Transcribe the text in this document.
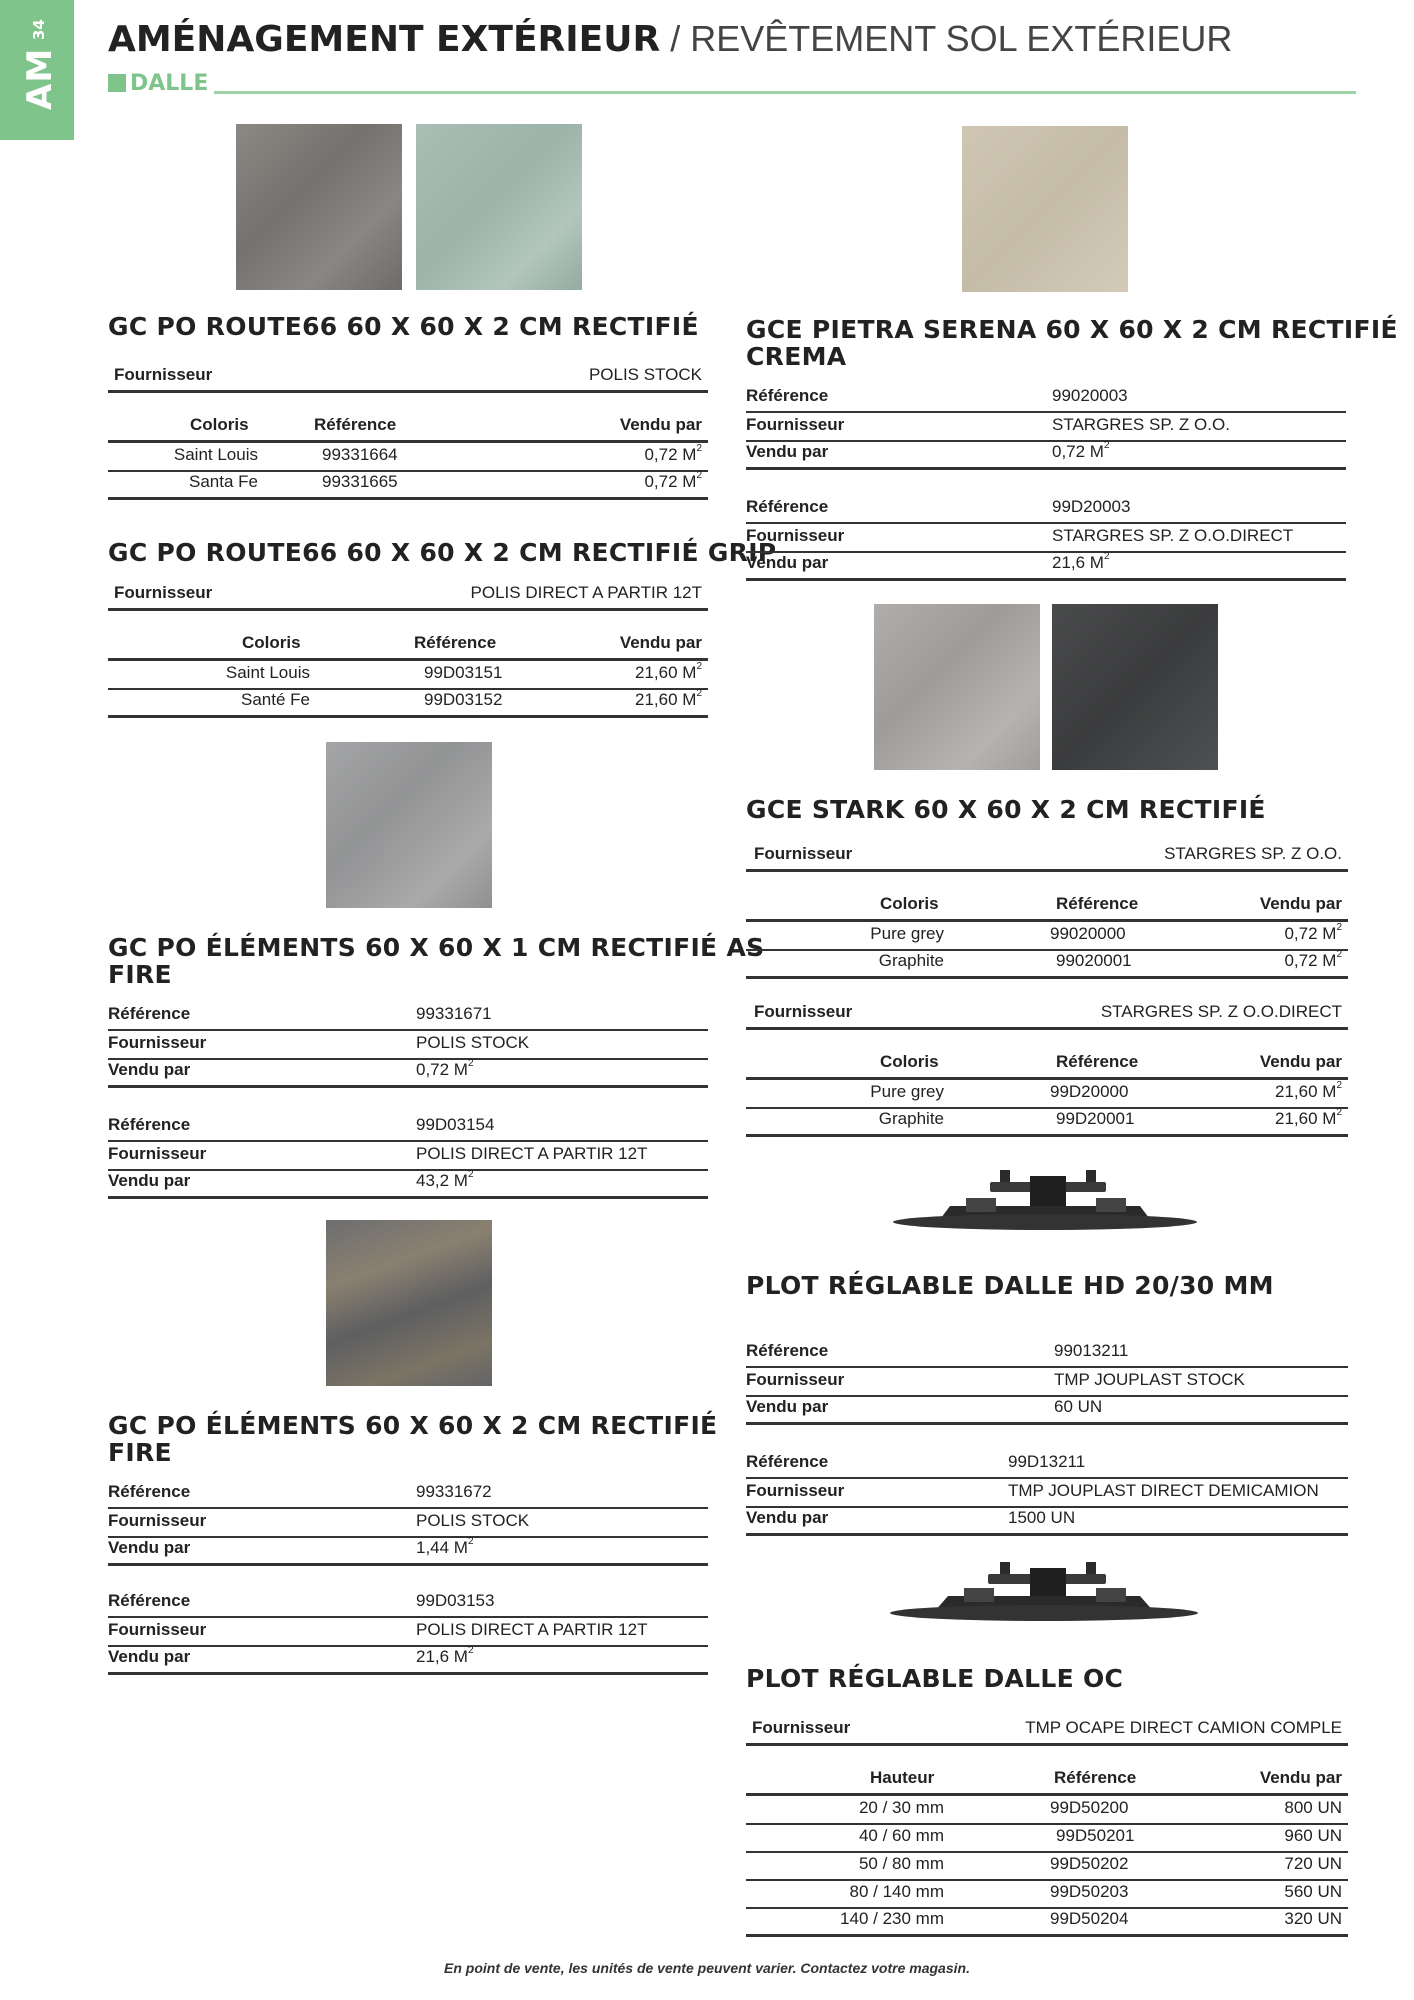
AM
34 AMÉNAGEMENT EXTÉRIEUR / REVÊTEMENT SOL EXTÉRIEUR
DALLE
GC PO ROUTE66 60 X 60 X 2 CM RECTIFIÉ
Fournisseur	POLIS STOCK
Coloris	Référence	Vendu par
Saint Louis	99331664	0,72 $M^2$
Santa Fe	99331665	0,72 $M^2$
GC PO ROUTE66 60 X 60 X 2 CM RECTIFIÉ GRIP
Fournisseur	POLIS DIRECT A PARTIR 12T
Coloris	Référence	Vendu par
Saint Louis	99D03151	21,60 $M^2$
Santé Fe	99D03152	21,60 $M^2$
GC PO ÉLÉMENTS 60 X 60 X 1 CM RECTIFIÉ AS
FIRE
Référence	99331671
Fournisseur	POLIS STOCK
Vendu par	0,72 $M^2$
Référence	99D03154
Fournisseur	POLIS DIRECT A PARTIR 12T
Vendu par	43,2 $M^2$
GC PO ÉLÉMENTS 60 X 60 X 2 CM RECTIFIÉ
FIRE
Référence	99331672
Fournisseur	POLIS STOCK
Vendu par	1,44 $M^2$
Référence	99D03153
Fournisseur	POLIS DIRECT A PARTIR 12T
Vendu par	21,6 $M^2$
GCE PIETRA SERENA 60 X 60 X 2 CM RECTIFIÉ
CREMA
Référence	99020003
Fournisseur	STARGRES SP. Z O.O.
Vendu par	0,72 $M^2$
Référence	99D20003
Fournisseur	STARGRES SP. Z O.O.DIRECT
Vendu par	21,6 $M^2$
GCE STARK 60 X 60 X 2 CM RECTIFIÉ
Fournisseur	STARGRES SP. Z O.O.
Coloris	Référence	Vendu par
Pure grey	99020000	0,72 $M^2$
Graphite	99020001	0,72 $M^2$
Fournisseur	STARGRES SP. Z O.O.DIRECT
Coloris	Référence	Vendu par
Pure grey	99D20000	21,60 $M^2$
Graphite	99D20001	21,60 $M^2$
PLOT RÉGLABLE DALLE HD 20/30 MM
Référence	99013211
Fournisseur	TMP JOUPLAST STOCK
Vendu par	60 UN
Référence	99D13211
Fournisseur	TMP JOUPLAST DIRECT DEMICAMION
Vendu par	1500 UN
PLOT RÉGLABLE DALLE OC
Fournisseur	TMP OCAPE DIRECT CAMION COMPLE
Hauteur	Référence	Vendu par
20 / 30 mm	99D50200	800 UN
40 / 60 mm	99D50201	960 UN
50 / 80 mm	99D50202	720 UN
80 / 140 mm	99D50203	560 UN
140 / 230 mm	99D50204	320 UN
En point de vente, les unités de vente peuvent varier. Contactez votre magasin.
